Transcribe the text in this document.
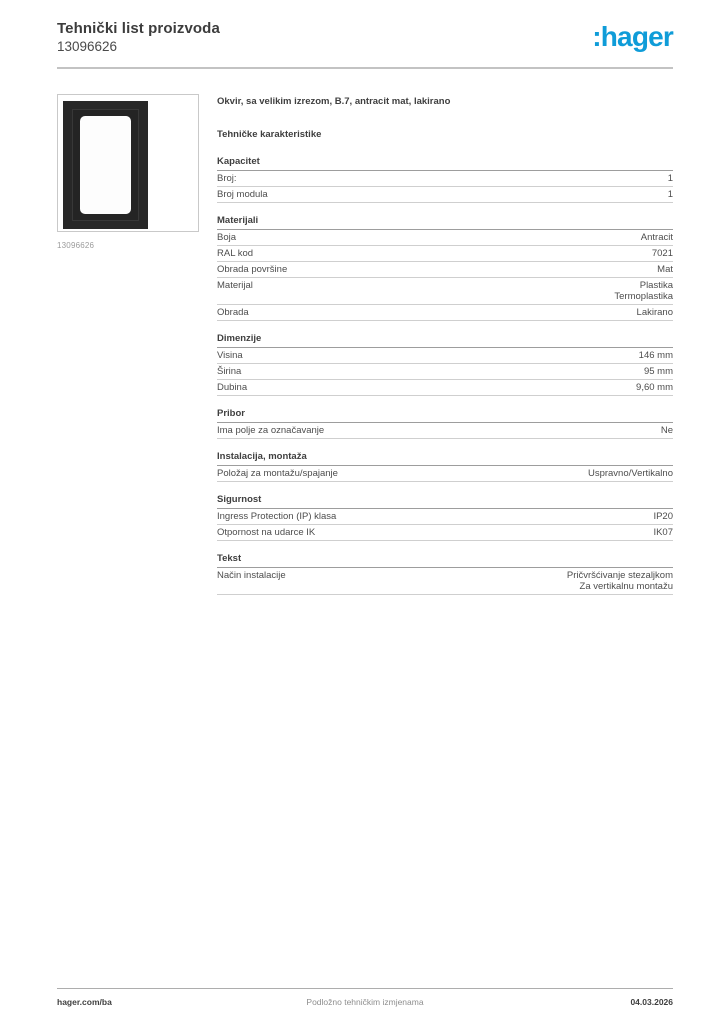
Tehnički list proizvoda
13096626	:hager
13096626
Okvir, sa velikim izrezom, B.7, antracit mat, lakirano
Tehničke karakteristike
Kapacitet
Broj:	1
Broj modula	1
Materijali
Boja	Antracit
RAL kod	7021
Obrada površine	Mat
Materijal	Plastika
Termoplastika
Obrada	Lakirano
Dimenzije
Visina	146 mm
Širina	95 mm
Dubina	9,60 mm
Pribor
Ima polje za označavanje	Ne
Instalacija, montaža
Položaj za montažu/spajanje	Uspravno/Vertikalno
Sigurnost
Ingress Protection (IP) klasa	IP20
Otpornost na udarce IK	IK07
Tekst
Način instalacije	Pričvršćivanje stezaljkom
Za vertikalnu montažu
hager.com/ba	Podložno tehničkim izmjenama	04.03.2026
